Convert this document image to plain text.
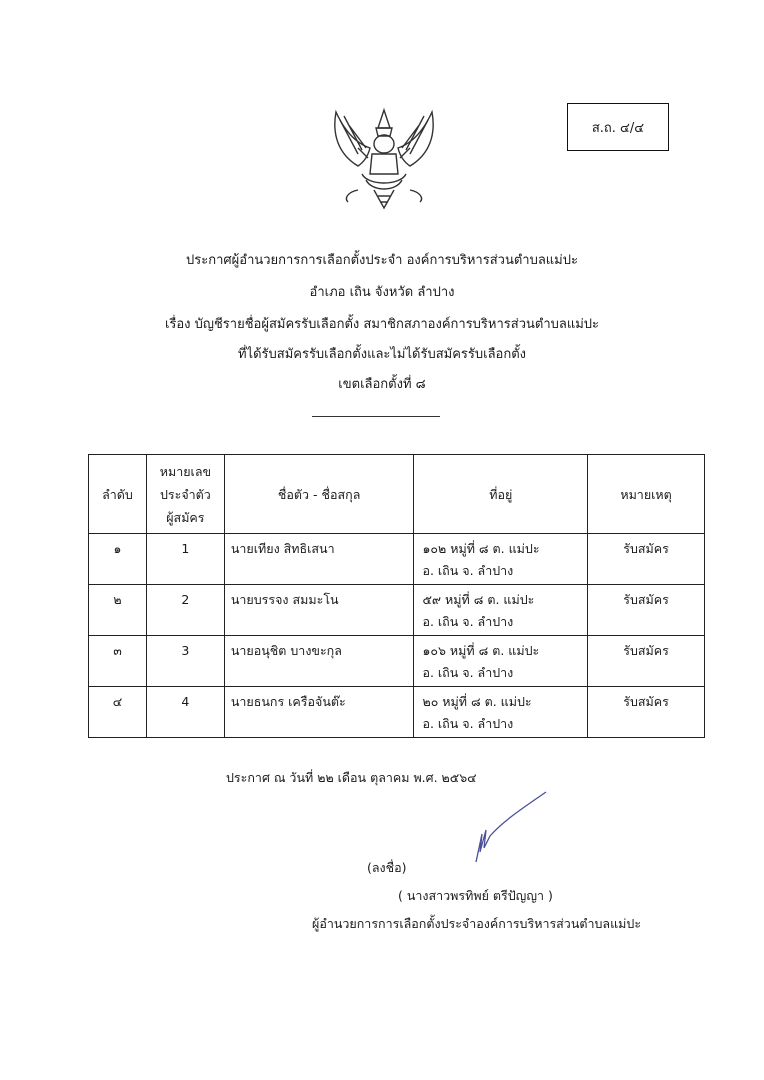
ส.ถ. ๔/๔
ประกาศผู้อำนวยการการเลือกตั้งประจำ องค์การบริหารส่วนตำบลแม่ปะ
อำเภอ เถิน จังหวัด ลำปาง
เรื่อง บัญชีรายชื่อผู้สมัครรับเลือกตั้ง สมาชิกสภาองค์การบริหารส่วนตำบลแม่ปะ
ที่ได้รับสมัครรับเลือกตั้งและไม่ได้รับสมัครรับเลือกตั้ง
เขตเลือกตั้งที่ ๘
ลำดับ	หมายเลข
ประจำตัว
ผู้สมัคร	ชื่อตัว - ชื่อสกุล	ที่อยู่	หมายเหตุ
๑	1	นายเทียง สิทธิเสนา	๑๐๒ หมู่ที่ ๘ ต. แม่ปะ
อ. เถิน จ. ลำปาง	รับสมัคร
๒	2	นายบรรจง สมมะโน	๕๙ หมู่ที่ ๘ ต. แม่ปะ
อ. เถิน จ. ลำปาง	รับสมัคร
๓	3	นายอนุชิต บางขะกุล	๑๐๖ หมู่ที่ ๘ ต. แม่ปะ
อ. เถิน จ. ลำปาง	รับสมัคร
๔	4	นายธนกร เครือจันต๊ะ	๒๐ หมู่ที่ ๘ ต. แม่ปะ
อ. เถิน จ. ลำปาง	รับสมัคร
ประกาศ ณ วันที่ ๒๒ เดือน ตุลาคม พ.ศ. ๒๕๖๔
(ลงชื่อ)
( นางสาวพรทิพย์ ตรีปัญญา )
ผู้อำนวยการการเลือกตั้งประจำองค์การบริหารส่วนตำบลแม่ปะ
